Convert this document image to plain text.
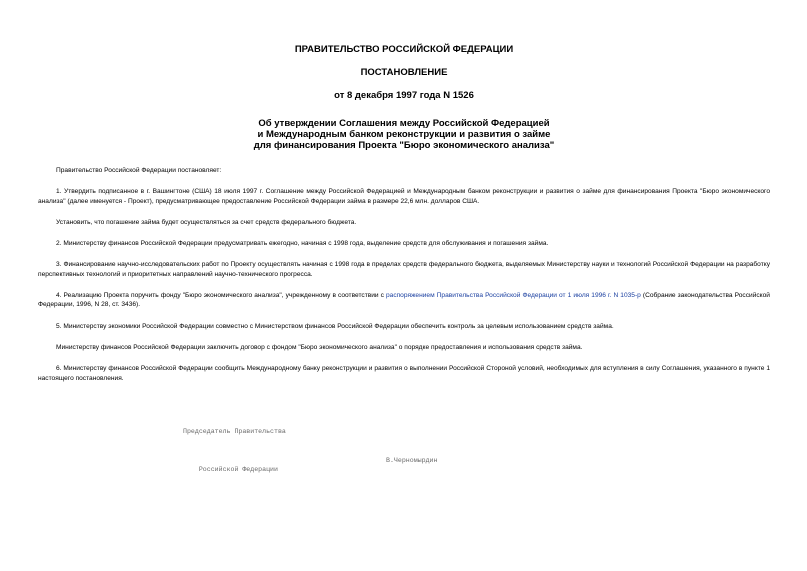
ПРАВИТЕЛЬСТВО РОССИЙСКОЙ ФЕДЕРАЦИИ
ПОСТАНОВЛЕНИЕ
от 8 декабря 1997 года N 1526
Об утверждении Соглашения между Российской Федерацией
и Международным банком реконструкции и развития о займе
для финансирования Проекта "Бюро экономического анализа"

Правительство Российской Федерации постановляет:

1. Утвердить подписанное в г. Вашингтоне (США) 18 июля 1997 г. Соглашение между Российской Федерацией и Международным банком реконструкции и развития о займе для финансирования Проекта "Бюро экономического анализа" (далее именуется - Проект), предусматривающее предоставление Российской Федерации займа в размере 22,6 млн. долларов США.

Установить, что погашение займа будет осуществляться за счет средств федерального бюджета.

2. Министерству финансов Российской Федерации предусматривать ежегодно, начиная с 1998 года, выделение средств для обслуживания и погашения займа.

3. Финансирование научно-исследовательских работ по Проекту осуществлять начиная с 1998 года в пределах средств федерального бюджета, выделяемых Министерству науки и технологий Российской Федерации на разработку перспективных технологий и приоритетных направлений научно-технического прогресса.

4. Реализацию Проекта поручить фонду "Бюро экономического анализа", учрежденному в соответствии с распоряжением Правительства Российской Федерации от 1 июля 1996 г. N 1035-р (Собрание законодательства Российской Федерации, 1996, N 28, ст. 3436).

5. Министерству экономики Российской Федерации совместно с Министерством финансов Российской Федерации обеспечить контроль за целевым использованием средств займа.

Министерству финансов Российской Федерации заключить договор с фондом "Бюро экономического анализа" о порядке предоставления и использования средств займа.

6. Министерству финансов Российской Федерации сообщить Международному банку реконструкции и развития о выполнении Российской Стороной условий, необходимых для вступления в силу Соглашения, указанного в пункте 1 настоящего постановления.

Председатель Правительства

Российской Федерации

В.Черномырдин
